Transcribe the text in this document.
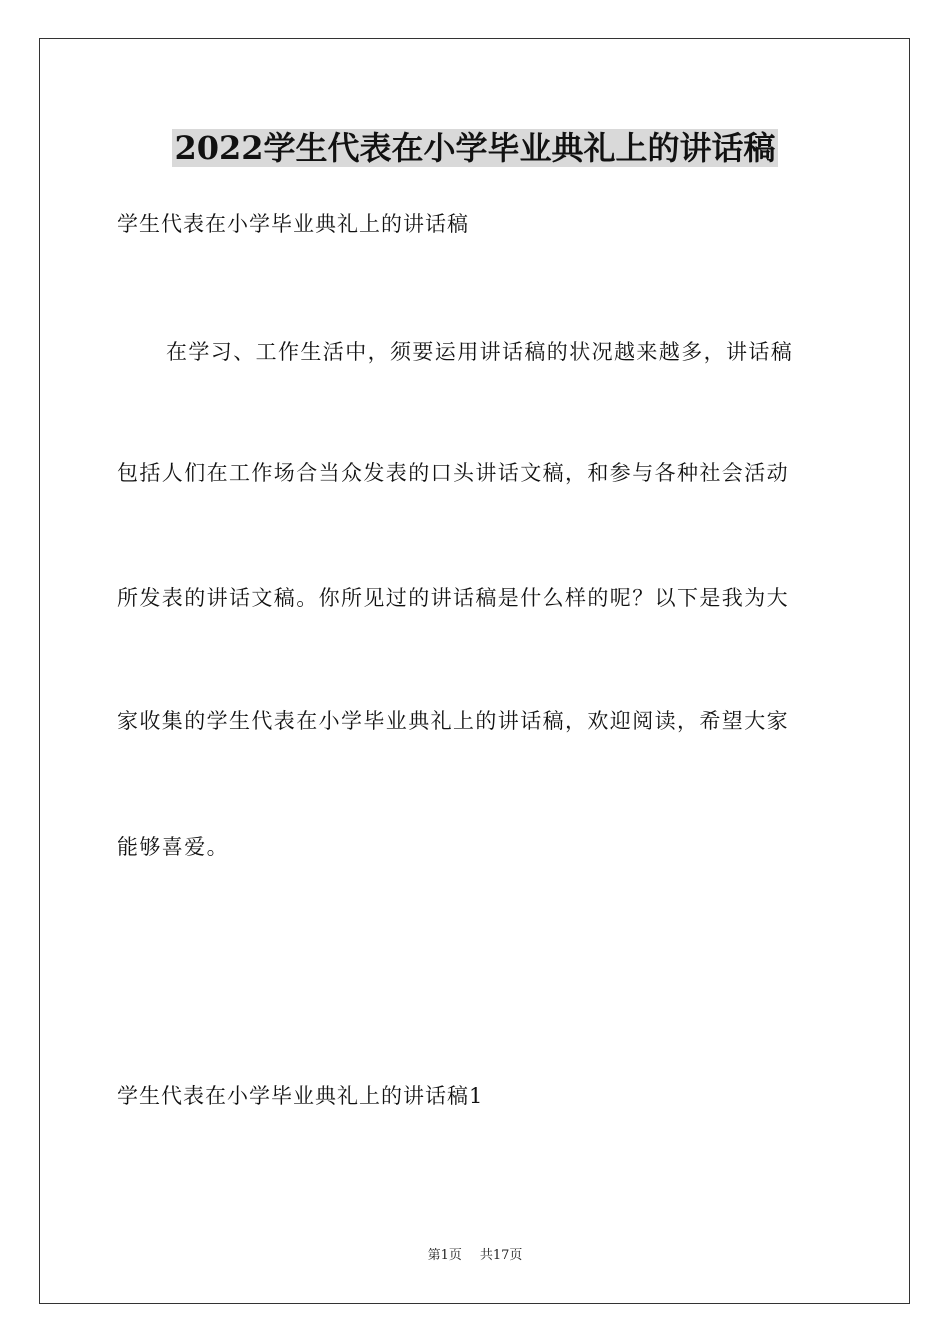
2022学生代表在小学毕业典礼上的讲话稿
学生代表在小学毕业典礼上的讲话稿
在学习、工作生活中，须要运用讲话稿的状况越来越多，讲话稿
包括人们在工作场合当众发表的口头讲话文稿，和参与各种社会活动
所发表的讲话文稿。你所见过的讲话稿是什么样的呢？以下是我为大
家收集的学生代表在小学毕业典礼上的讲话稿，欢迎阅读，希望大家
能够喜爱。
学生代表在小学毕业典礼上的讲话稿1
第1页 共17页
